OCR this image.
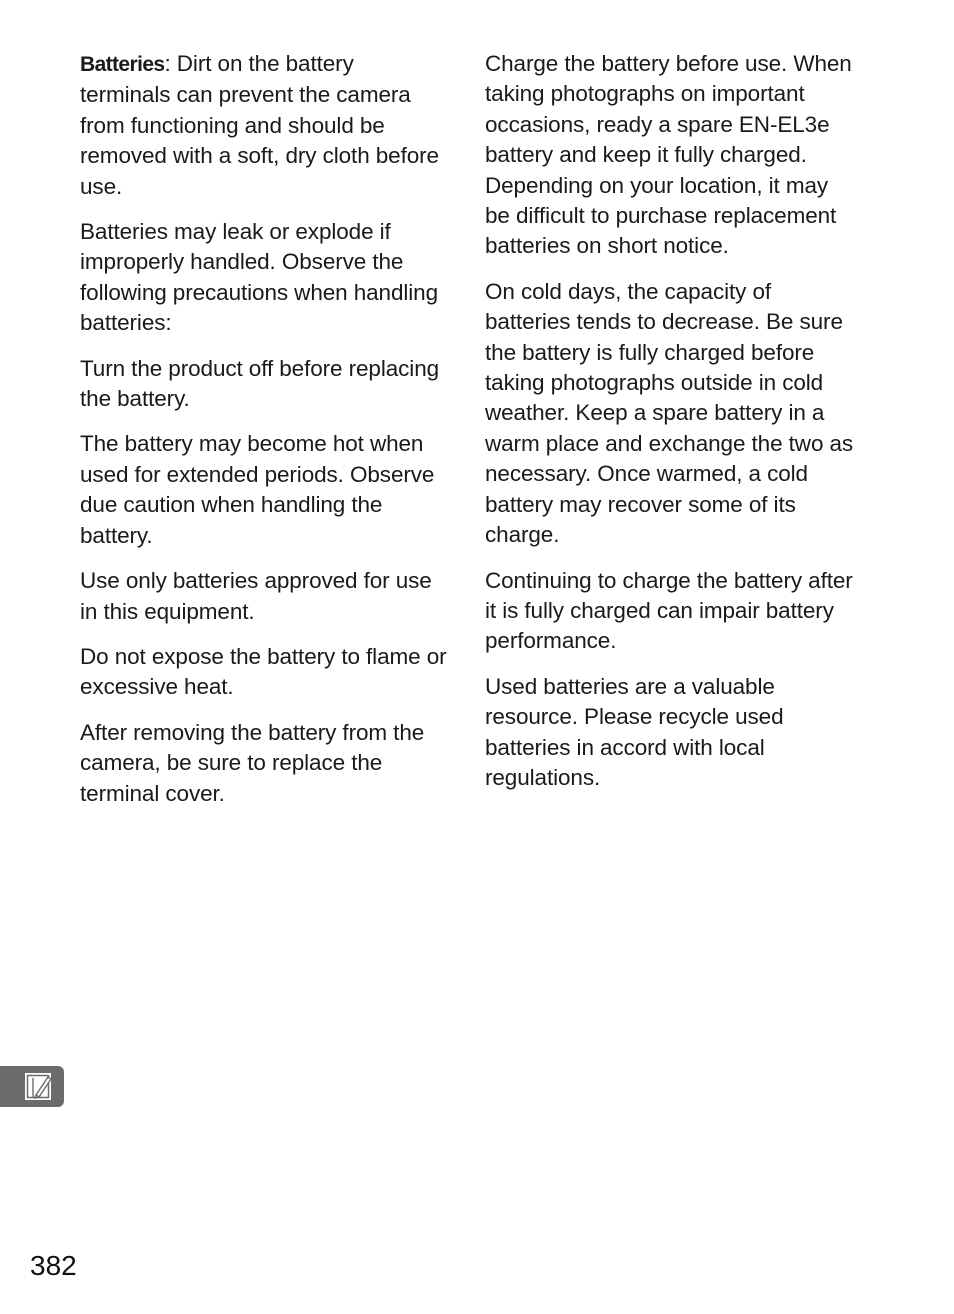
Batteries: Dirt on the battery terminals can prevent the camera from functioning and should be removed with a soft, dry cloth before use.

Batteries may leak or explode if improperly handled. Observe the following precautions when handling batteries:

Turn the product off before replacing the battery.

The battery may become hot when used for extended periods. Observe due caution when handling the battery.

Use only batteries approved for use in this equipment.

Do not expose the battery to flame or excessive heat.

After removing the battery from the camera, be sure to replace the terminal cover.

Charge the battery before use. When taking photographs on important occasions, ready a spare EN-EL3e battery and keep it fully charged. Depending on your location, it may be difficult to purchase replacement batteries on short notice.

On cold days, the capacity of batteries tends to decrease. Be sure the battery is fully charged before taking photographs outside in cold weather. Keep a spare battery in a warm place and exchange the two as necessary. Once warmed, a cold battery may recover some of its charge.

Continuing to charge the battery after it is fully charged can impair battery performance.

Used batteries are a valuable resource. Please recycle used batteries in accord with local regulations.

382
